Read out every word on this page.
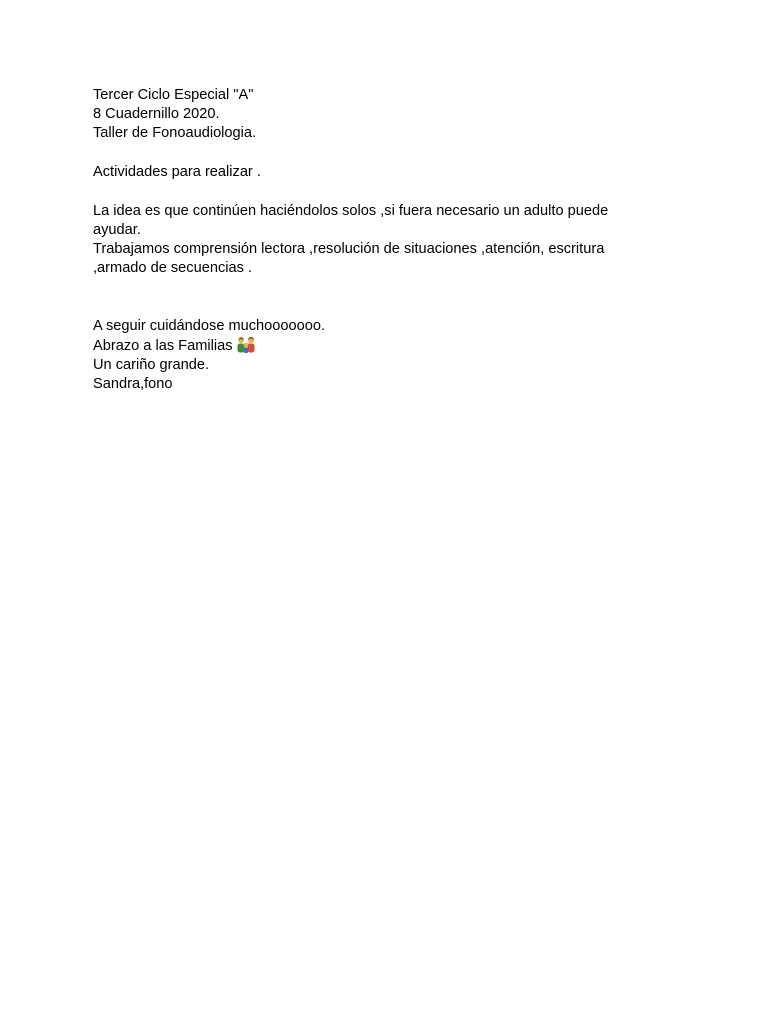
Tercer Ciclo Especial "A"
8 Cuadernillo 2020.
Taller de Fonoaudiologia.
Actividades para realizar .
La idea es que continúen haciéndolos solos ,si fuera necesario un adulto puede ayudar.
Trabajamos comprensión lectora ,resolución de situaciones ,atención, escritura ,armado de secuencias .
A seguir cuidándose muchooooooo.
Abrazo a las Familias
Un cariño grande.
Sandra,fono
